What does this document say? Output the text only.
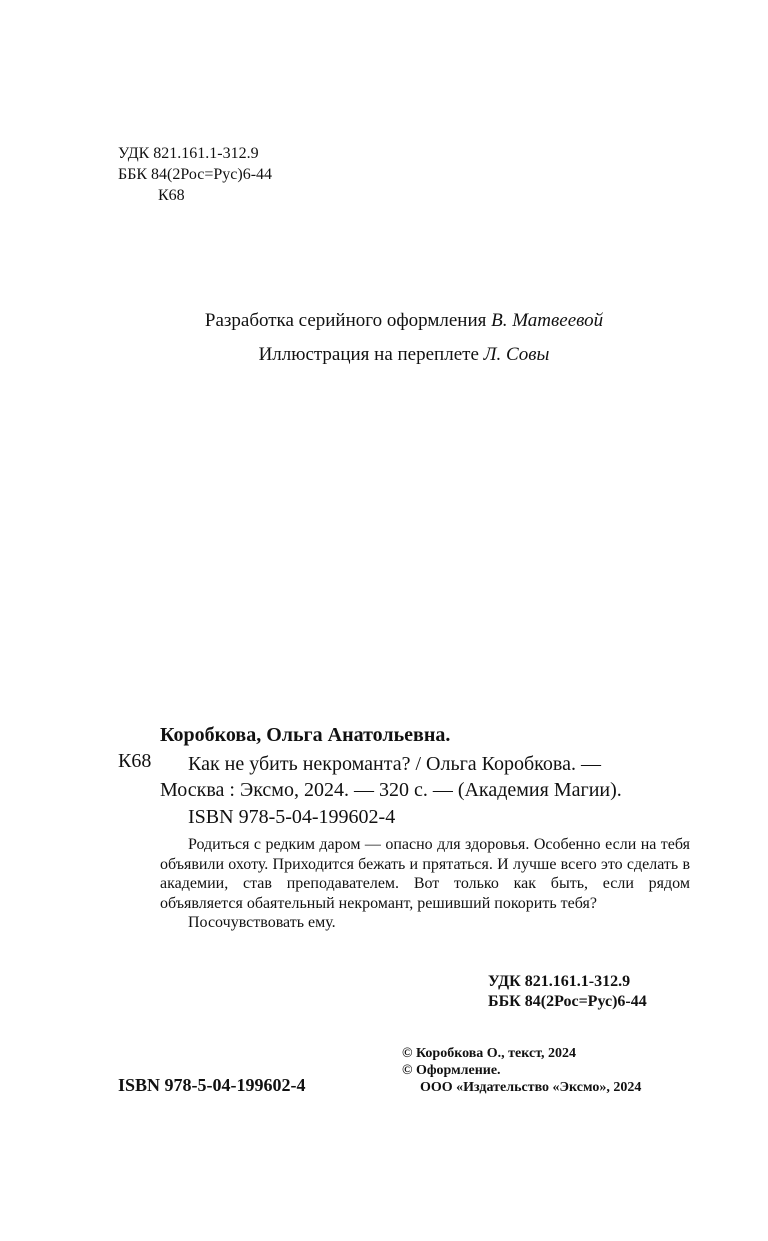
УДК 821.161.1-312.9
ББК 84(2Рос=Рус)6-44
К68
Разработка серийного оформления В. Матвеевой
Иллюстрация на переплете Л. Совы
Коробкова, Ольга Анатольевна.
К68 Как не убить некроманта? / Ольга Коробкова. —
Москва : Эксмо, 2024. — 320 с. — (Академия Магии).
ISBN 978-5-04-199602-4

Родиться с редким даром — опасно для здоровья. Особенно если на тебя объявили охоту. Приходится бежать и прятаться. И лучше всего это сделать в академии, став преподавателем. Вот только как быть, если рядом объявляется обаятельный некромант, решивший покорить тебя?

Посочувствовать ему.

УДК 821.161.1-312.9
ББК 84(2Рос=Рус)6-44
© Коробкова О., текст, 2024
© Оформление.
ООО «Издательство «Эксмо», 2024
ISBN 978-5-04-199602-4
